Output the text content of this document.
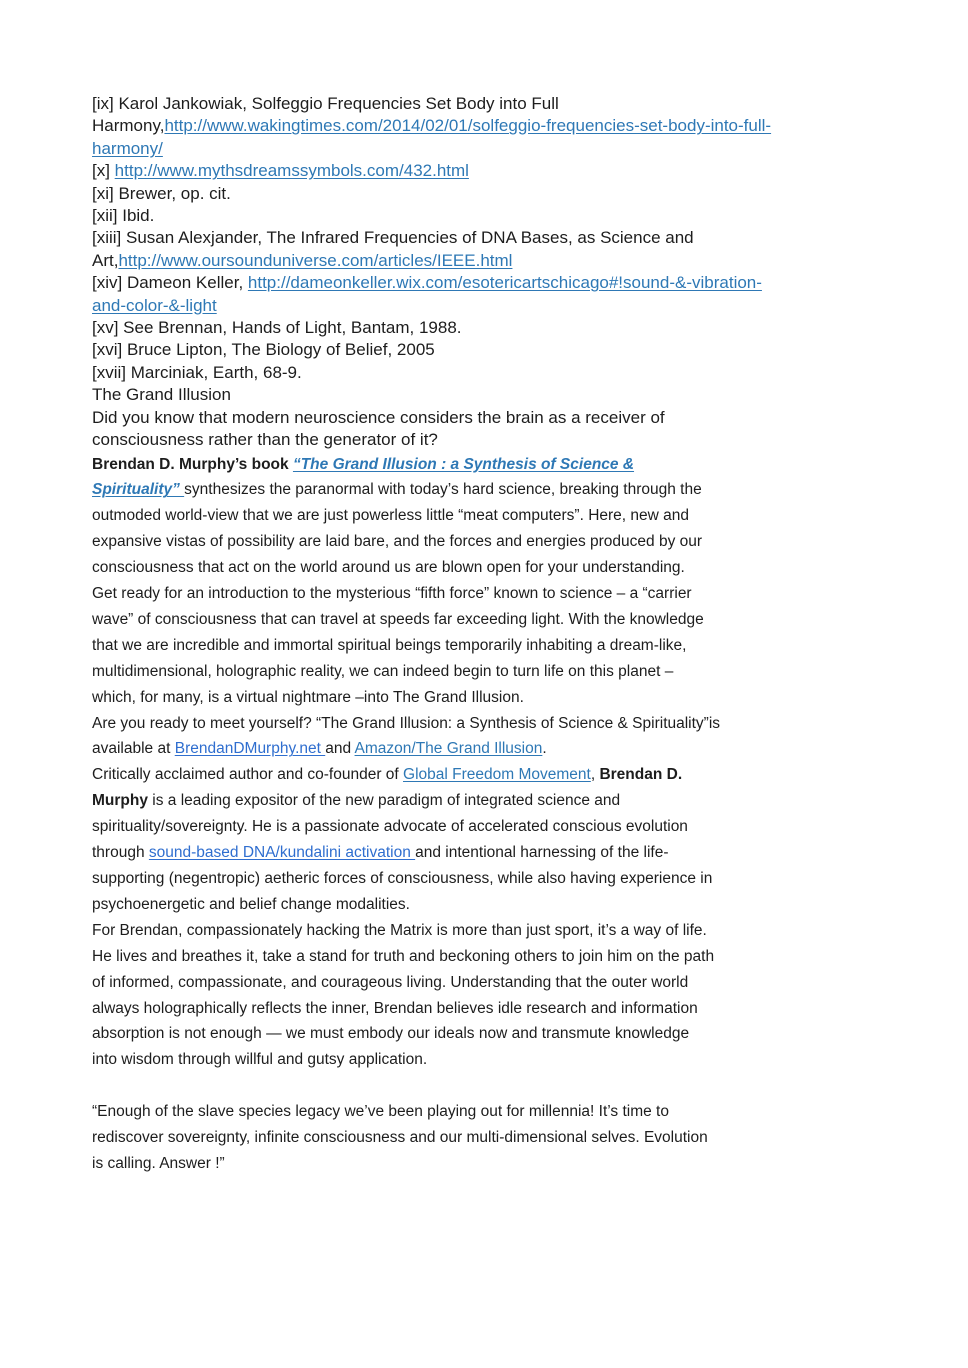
[ix] Karol Jankowiak, Solfeggio Frequencies Set Body into Full
Harmony,http://www.wakingtimes.com/2014/02/01/solfeggio-frequencies-set-body-into-full-
harmony/
[x] http://www.mythsdreamssymbols.com/432.html
[xi] Brewer, op. cit.
[xii] Ibid.
[xiii] Susan Alexjander, The Infrared Frequencies of DNA Bases, as Science and
Art,http://www.oursounduniverse.com/articles/IEEE.html
[xiv] Dameon Keller, http://dameonkeller.wix.com/esotericartschicago#!sound-&-vibration-
and-color-&-light
[xv] See Brennan, Hands of Light, Bantam, 1988.
[xvi] Bruce Lipton, The Biology of Belief, 2005
[xvii] Marciniak, Earth, 68-9.
The Grand Illusion
Did you know that modern neuroscience considers the brain as a receiver of
consciousness rather than the generator of it?
Brendan D. Murphy’s book “The Grand Illusion : a Synthesis of Science &
Spirituality” synthesizes the paranormal with today’s hard science, breaking through the
outmoded world-view that we are just powerless little “meat computers”. Here, new and
expansive vistas of possibility are laid bare, and the forces and energies produced by our
consciousness that act on the world around us are blown open for your understanding.
Get ready for an introduction to the mysterious “fifth force” known to science – a “carrier
wave” of consciousness that can travel at speeds far exceeding light. With the knowledge
that we are incredible and immortal spiritual beings temporarily inhabiting a dream-like,
multidimensional, holographic reality, we can indeed begin to turn life on this planet –
which, for many, is a virtual nightmare –into The Grand Illusion.
Are you ready to meet yourself? “The Grand Illusion: a Synthesis of Science & Spirituality”is
available at BrendanDMurphy.net and Amazon/The Grand Illusion.
Critically acclaimed author and co-founder of Global Freedom Movement, Brendan D.
Murphy is a leading expositor of the new paradigm of integrated science and
spirituality/sovereignty. He is a passionate advocate of accelerated conscious evolution
through sound-based DNA/kundalini activation and intentional harnessing of the life-
supporting (negentropic) aetheric forces of consciousness, while also having experience in
psychoenergetic and belief change modalities.
For Brendan, compassionately hacking the Matrix is more than just sport, it’s a way of life.
He lives and breathes it, take a stand for truth and beckoning others to join him on the path
of informed, compassionate, and courageous living. Understanding that the outer world
always holographically reflects the inner, Brendan believes idle research and information
absorption is not enough — we must embody our ideals now and transmute knowledge
into wisdom through willful and gutsy application.

“Enough of the slave species legacy we’ve been playing out for millennia! It’s time to
rediscover sovereignty, infinite consciousness and our multi-dimensional selves. Evolution
is calling. Answer !”
